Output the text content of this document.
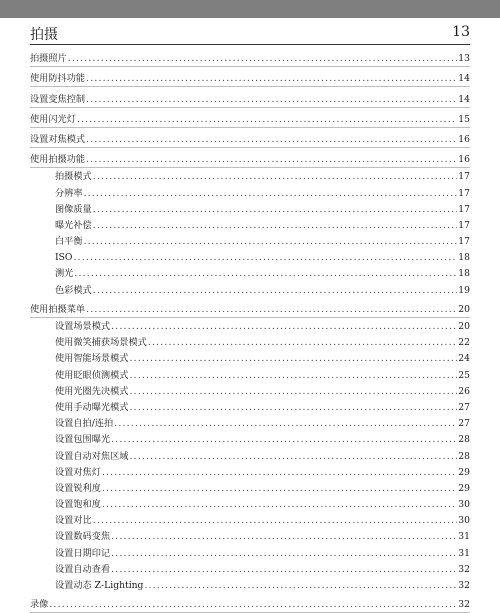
拍摄	13
拍摄照片 .....	13
使用防抖功能 .....	14
设置变焦控制 .....	14
使用闪光灯 .....	15
设置对焦模式 .....	16
使用拍摄功能 .....	16
拍摄模式 .....	17
分辨率 .....	17
图像质量 .....	17
曝光补偿 .....	17
白平衡 .....	17
ISO .....	18
测光 .....	18
色彩模式 .....	19
使用拍摄菜单 .....	20
设置场景模式 .....	20
使用微笑捕获场景模式 .....	22
使用智能场景模式 .....	24
使用眨眼侦测模式 .....	25
使用光圈先决模式 .....	26
使用手动曝光模式 .....	27
设置自拍/连拍 .....	27
设置包围曝光 .....	28
设置自动对焦区域 .....	28
设置对焦灯 .....	29
设置锐利度 .....	29
设置饱和度 .....	30
设置对比 .....	30
设置数码变焦 .....	31
设置日期印记 .....	31
设置自动查看 .....	32
设置动态 Z-Lighting .....	32
录像 .....	32
